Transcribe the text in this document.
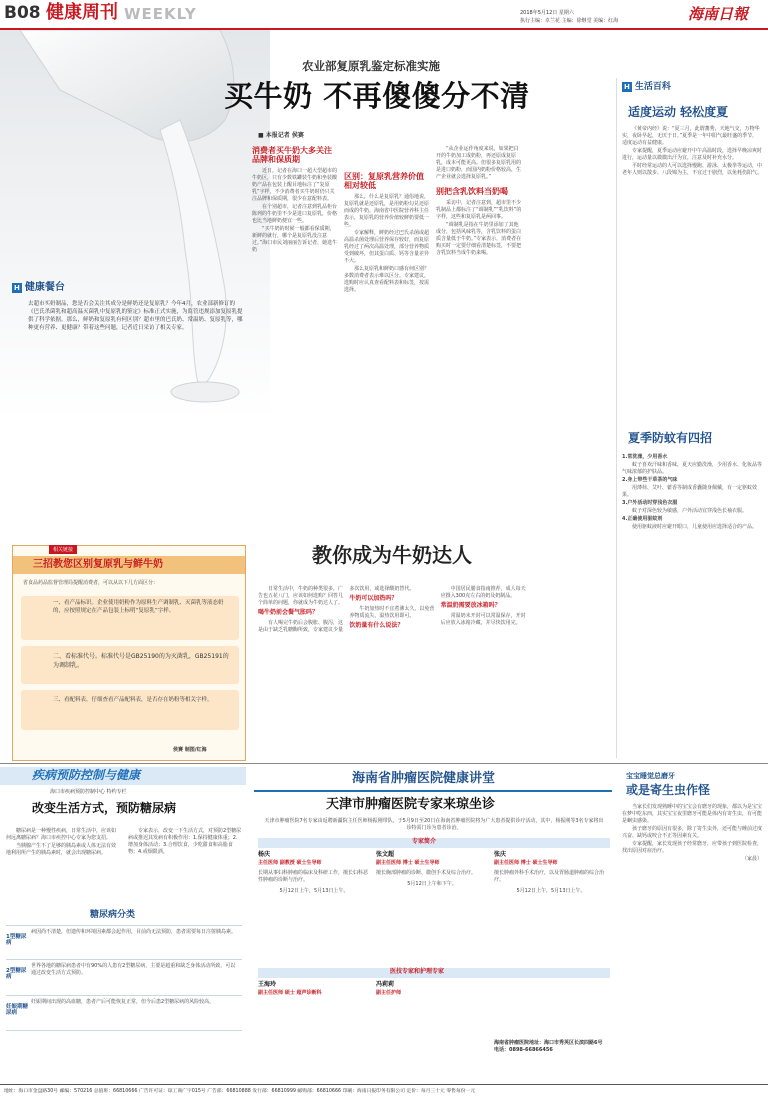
B08 健康周刊 WEEKLY	2018年5月12日 星期六
执行主编：卓兰花 主编：徐继堂 美编：红海	海南日報
农业部复原乳鉴定标准实施
买牛奶 不再傻傻分不清
■ 本报记者 侯赛
消费者买牛奶大多关注品牌和保质期

近日，记者在海口一超大型超市的牛奶区，只有少数铁罐装牛奶和坐装酸奶产品在包装上醒目地标注了“复原乳”字样，不少消费者买牛奶时仍只关注品牌和保质期，很少在意配料表。

在个别超市，记者注意到乳品柜台陈列的牛奶里不少是进口复原乳，价格也比当地鲜奶便宜一些。

“买牛奶的时候一般都看保质期，新鲜的就行，哪个是复原乳没注意过。”海口市民刘丽丽告诉记者，她选牛奶

区别：复原乳营养价值相对较低

那么，什么是复原乳？通俗地说，复原乳就是还原乳，是用奶粉勾兑还原而成的牛奶。海南省中医院营养科主任表示，复原乳的营养价值较鲜奶要低一些。

专家解释，鲜奶经过巴氏杀菌或超高温杀菌处理后营养保存较好，而复原乳经过了两次高温处理，部分营养物质受到破坏，但其蛋白质、钙等含量差异不大。

那么复原乳和鲜奶口感有何区别？多数消费者表示难以区分。专家建议，选购时应认真查看配料表和标签，按需选择。

“从企业运作角度来说，如果把白开的牛奶加工成奶粉，再还原成复原乳，成本可能更高。但很多复原乳用的是进口奶粉，而国内奶粉价格较高，生产企业就会选择复原乳。”

别把含乳饮料当奶喝

采访中，记者注意到，超市里不少乳制品上都标注了“调制乳”“乳饮料”的字样，这些和复原乳是两回事。

“调制乳是指在牛奶里添加了其他成分，包括风味乳等，含乳饮料的蛋白质含量低于牛奶。”专家表示，消费者在购买时一定要仔细看清楚标签，不要把含乳饮料当成牛奶来喝。

H 健康餐台
去超市买奶制品，您是否会关注其成分是鲜奶还是复原乳？今年4月，农业部新修订的《巴氏杀菌乳和超高温灭菌乳中复原乳的鉴定》标准正式实施，为监管违规添加复原乳提供了科学依据。那么，鲜奶和复原乳有何区别？超市里的巴氏奶、常温奶、复原乳等，哪种更有营养、更健康？带着这些问题，记者近日采访了相关专家。
相关链接
三招教您区别复原乳与鲜牛奶
省食品药品监督管理局提醒消费者，可以从以下几方面区分：
一、看产品标识。企业使用奶粉作为原料生产调制乳、灭菌乳等液态奶的，应按照规定在产品包装上标明“复原乳”字样。
二、看标准代号。标准代号是GB25190的为灭菌乳，GB25191的为调制乳。
三、看配料表。仔细查看产品配料表，是否存在奶粉等相关字样。
侯赛 制图/红海
教你成为牛奶达人

日常生活中，牛奶的种类很多，广告也五花八门，应该如何选购？回答几个简单的问题，你就成为牛奶达人了。

喝牛奶前会餐气胀吗？

有人喝完牛奶后会腹胀、腹泻，这是由于缺乏乳糖酶所致，专家建议少量多次饮用，或选择酸奶替代。

牛奶可以加热吗？

牛奶加热时不宜煮沸太久，以免营养物质流失，温热饮用即可。

饮奶量有什么说法？

中国居民膳食指南推荐，成人每天应摄入300克左右的奶及奶制品。

常温奶需要放冰箱吗？

常温奶未开封可以常温保存，开封后应放入冰箱冷藏，并尽快饮用完。

H 生活百科
适度运动 轻松度夏

《黄帝内经》说：“夏三月，此谓蕃秀，天地气交，万物华实，夜卧早起，无厌于日。”夏季是一年中阳气最旺盛的季节，适度运动有益健康。

专家提醒，夏季运动应避开中午高温时段，选择早晚凉爽时进行，运动量以微微出汗为宜，注意及时补充水分。

平时经常运动的人可以选择慢跑、游泳、太极拳等运动，中老年人则以散步、八段锦为主，不宜过于剧烈，以免耗伤阳气。

夏季防蚊有四招

1.常洗澡，少用香水

蚊子喜欢汗味和香味，夏天应勤洗澡，少用香水、化妆品等气味浓郁的护肤品。

2.身上带些干草茶的气味

用薄荷、艾叶、藿香等制成香囊随身佩戴，有一定驱蚊效果。

3.户外活动时穿浅色衣服

蚊子对深色较为敏感，户外活动宜穿浅色长袖衣服。

4.正确使用驱蚊剂

使用驱蚊液时应避开眼口，儿童使用应选择适合的产品。

宝宝睡觉总磨牙
或是寄生虫作怪

当家长们发现熟睡中的宝宝会有磨牙的现象，都以为是宝宝在梦中吃东西，其实宝宝夜里磨牙可能是体内有寄生虫，有可能是蛔虫感染。

孩子磨牙的原因有很多，除了寄生虫外，还可能与睡前过度兴奋、缺钙或咬合不正等因素有关。

专家提醒，家长发现孩子经常磨牙，应带孩子到医院检查，找出原因对症治疗。

（家晨）

疾病预防控制与健康
海口市疾病预防控制中心 特约专栏
改变生活方式，预防糖尿病

糖尿病是一种慢性疾病，日常生活中，应该如何远离糖尿病？海口市疾控中心专家为您支招。

当胰腺产生不了足够的胰岛素或人体无法有效地利用所产生的胰岛素时，就会出现糖尿病。

专家表示，改变一下生活方式，对预防2型糖尿病或推迟其发病有积极作用：1.保持健康体重；2.增加身体活动；3.合理饮食，少吃甜食和高脂食物；4.戒烟限酒。

糖尿病分类
1型糖尿病
病因尚不清楚，但遗传和环境因素都会起作用，目前尚无法预防，患者需要每日注射胰岛素。
2型糖尿病
世界各地的糖尿病患者中有90%的人患有2型糖尿病，主要是超重和缺乏身体活动所致，可以通过改变生活方式预防。
妊娠期糖尿病
妊娠期间出现的高血糖，患者产后可能恢复正常，但今后患2型糖尿病的风险较高。
海南省肿瘤医院健康讲堂
天津市肿瘤医院专家来琼坐诊
天津市肿瘤医院7名专家由返聘新疆院主任医师杨振刚带队，于5月9日至20日在海南省肿瘤医院将为广大患者提供诊疗活动，其中，杨振刚等3名专家将出诊特需门诊为患者诊治。
专家简介
杨庆
主任医师 副教授 硕士生导师
长期从事妇科肿瘤的临床及科研工作，擅长妇科恶性肿瘤的诊断与治疗。
5月12日上午，5月13日上午。
张文超
副主任医师 博士 硕士生导师
擅长胸部肿瘤的诊断、微创手术及综合治疗。
5月12日上午和下午。
张庆
副主任医师 博士 硕士生导师
擅长肿瘤外科手术治疗，以及胃肠道肿瘤的综合治疗。
5月12日上午，5月13日上午。
医技专家和护理专家
王海玲
副主任医师 硕士 超声诊断科
冯莉莉
副主任护师
海南省肿瘤医院地址：海口市秀英区长滨四路6号 电话：0898-66866456
地址：海口市金盘路30号 邮编：570216 总值班：66810666 广告许可证：琼工商广字015号 广告部：66810888 发行部：66810999 邮购部：66810666 印刷：海南日报印务有限公司 定价：每月三十元 零售每份一元
